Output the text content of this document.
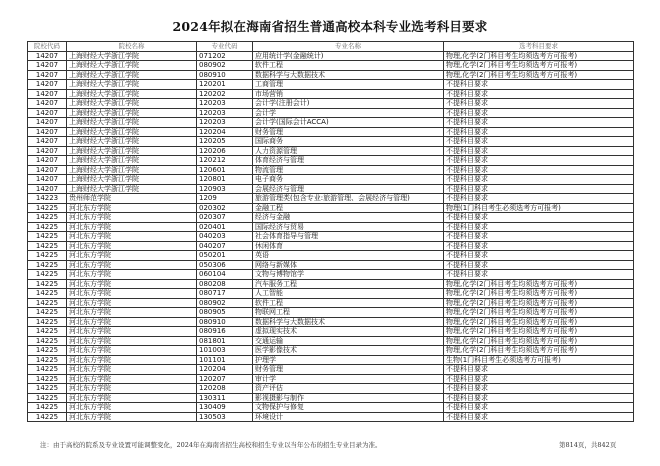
2024年拟在海南省招生普通高校本科专业选考科目要求
院校代码	院校名称	专业代码	专业名称	选考科目要求
14207	上海财经大学浙江学院	071202	应用统计学(金融统计)	物理,化学(2门科目考生均须选考方可报考)
14207	上海财经大学浙江学院	080902	软件工程	物理,化学(2门科目考生均须选考方可报考)
14207	上海财经大学浙江学院	080910	数据科学与大数据技术	物理,化学(2门科目考生均须选考方可报考)
14207	上海财经大学浙江学院	120201	工商管理	不提科目要求
14207	上海财经大学浙江学院	120202	市场营销	不提科目要求
14207	上海财经大学浙江学院	120203	会计学(注册会计)	不提科目要求
14207	上海财经大学浙江学院	120203	会计学	不提科目要求
14207	上海财经大学浙江学院	120203	会计学(国际会计ACCA)	不提科目要求
14207	上海财经大学浙江学院	120204	财务管理	不提科目要求
14207	上海财经大学浙江学院	120205	国际商务	不提科目要求
14207	上海财经大学浙江学院	120206	人力资源管理	不提科目要求
14207	上海财经大学浙江学院	120212	体育经济与管理	不提科目要求
14207	上海财经大学浙江学院	120601	物流管理	不提科目要求
14207	上海财经大学浙江学院	120801	电子商务	不提科目要求
14207	上海财经大学浙江学院	120903	会展经济与管理	不提科目要求
14223	贵州师范学院	1209	旅游管理类(包含专业:旅游管理、会展经济与管理)	不提科目要求
14225	河北东方学院	020302	金融工程	物理(1门科目考生必须选考方可报考)
14225	河北东方学院	020307	经济与金融	不提科目要求
14225	河北东方学院	020401	国际经济与贸易	不提科目要求
14225	河北东方学院	040203	社会体育指导与管理	不提科目要求
14225	河北东方学院	040207	休闲体育	不提科目要求
14225	河北东方学院	050201	英语	不提科目要求
14225	河北东方学院	050306	网络与新媒体	不提科目要求
14225	河北东方学院	060104	文物与博物馆学	不提科目要求
14225	河北东方学院	080208	汽车服务工程	物理,化学(2门科目考生均须选考方可报考)
14225	河北东方学院	080717	人工智能	物理,化学(2门科目考生均须选考方可报考)
14225	河北东方学院	080902	软件工程	物理,化学(2门科目考生均须选考方可报考)
14225	河北东方学院	080905	物联网工程	物理,化学(2门科目考生均须选考方可报考)
14225	河北东方学院	080910	数据科学与大数据技术	物理,化学(2门科目考生均须选考方可报考)
14225	河北东方学院	080916	虚拟现实技术	物理,化学(2门科目考生均须选考方可报考)
14225	河北东方学院	081801	交通运输	物理,化学(2门科目考生均须选考方可报考)
14225	河北东方学院	101003	医学影像技术	物理,化学(2门科目考生均须选考方可报考)
14225	河北东方学院	101101	护理学	生物(1门科目考生必须选考方可报考)
14225	河北东方学院	120204	财务管理	不提科目要求
14225	河北东方学院	120207	审计学	不提科目要求
14225	河北东方学院	120208	资产评估	不提科目要求
14225	河北东方学院	130311	影视摄影与制作	不提科目要求
14225	河北东方学院	130409	文物保护与修复	不提科目要求
14225	河北东方学院	130503	环境设计	不提科目要求
注：由于高校的院系及专业设置可能调整变化，2024年在海南省招生高校和招生专业以当年公布的招生专业目录为准。	第814页，共842页
